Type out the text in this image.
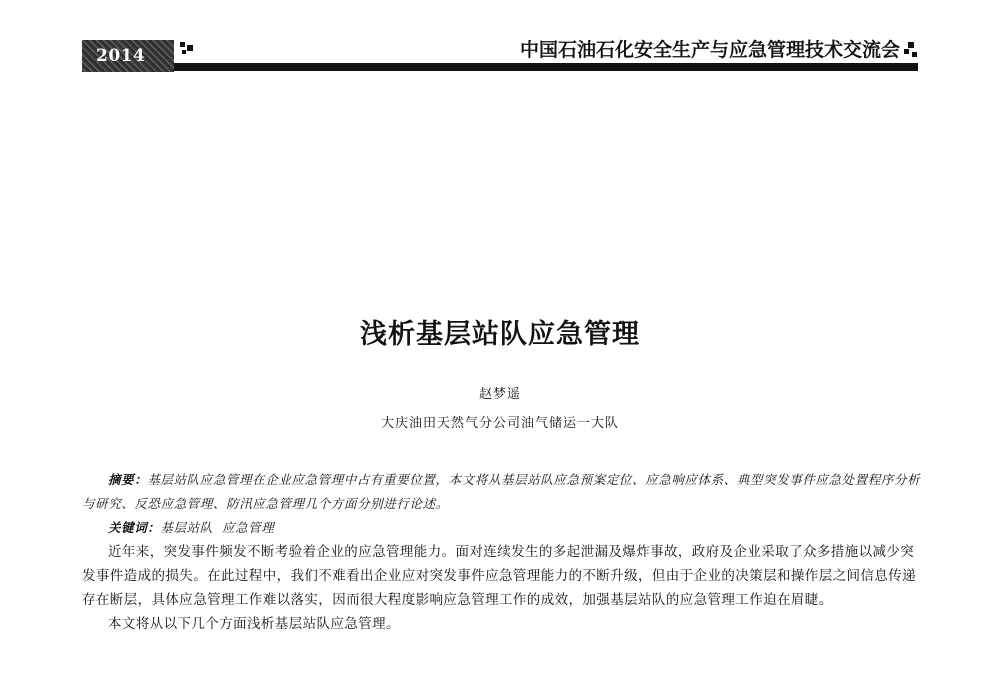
2014	中国石油石化安全生产与应急管理技术交流会
浅析基层站队应急管理
赵梦遥
大庆油田天然气分公司油气储运一大队

摘要：基层站队应急管理在企业应急管理中占有重要位置，本文将从基层站队应急预案定位、应急响应体系、典型突发事件应急处置程序分析与研究、反恐应急管理、防汛应急管理几个方面分别进行论述。

关键词：基层站队  应急管理

近年来，突发事件频发不断考验着企业的应急管理能力。面对连续发生的多起泄漏及爆炸事故，政府及企业采取了众多措施以减少突发事件造成的损失。在此过程中，我们不难看出企业应对突发事件应急管理能力的不断升级，但由于企业的决策层和操作层之间信息传递存在断层，具体应急管理工作难以落实，因而很大程度影响应急管理工作的成效，加强基层站队的应急管理工作迫在眉睫。

本文将从以下几个方面浅析基层站队应急管理。
